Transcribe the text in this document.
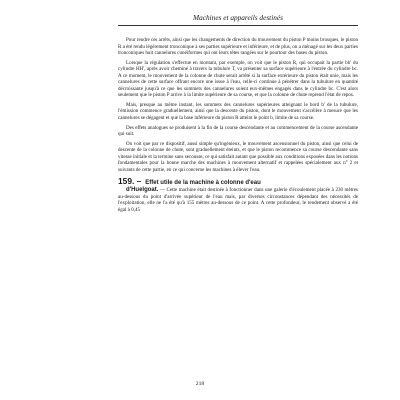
Machines et appareils destinés

Pour rendre ces arrêts, ainsi que les changements de direction du mouvement du piston P moins brusques, le piston R a été rendu légèrement tronconique à ses parties supérieure et inférieure, et de plus, on a ménagé sur les deux parties tronconiques huit cannelures cunéiformes qui ont leurs têtes rangées sur le pourtour des bases du piston.

Lorsque la régulation s'effectue en montant, par exemple, on voit que le piston R, qui occupait la partie bb' du cylindre HH', après avoir cheminé à travers la tubulure T, va présenter sa surface supérieure à l'entrée du cylindre bc. A ce moment, le mouvement de la colonne de chute serait arrêté si la surface extérieure du piston était unie, mais les cannelures de cette surface offrant encore une issue à l'eau, celle-ci continue à pénétrer dans la tubulure en quantité décroissante jusqu'à ce que les sommets des cannelures soient eux-mêmes engagés dans le cylindre bc. C'est alors seulement que le piston P arrive à la limite supérieure de sa course, et que la colonne de chute reprend l'état de repos.

Mais, presque au même instant, les sommets des cannelures supérieures atteignant le bord b' de la tubulure, l'émission commence graduellement, ainsi que la descente du piston, dont le mouvement s'accélère à mesure que les cannelures se dégagent et que la base inférieure du piston R atteint le point b, limite de sa course.

Des effets analogues se produisent à la fin de la course descendante et au commencement de la course ascendante qui suit.

On voit que par ce dispositif, aussi simple qu'ingénieux, le mouvement ascensionnel du piston, ainsi que celui de descente de la colonne de chute, sont graduellement éteints, et que le piston recommence sa course descendante sans vitesse initiale et la termine sans secousse, ce qui satisfait autant que possible aux conditions exposées dans les notions fondamentales pour la bonne marche des machines à mouvement alternatif et rappelées spécialement aux n° 2 et suivants de cette partie, en ce qui concerne les machines à élever l'eau.

159. – Effet utile de la machine à colonne d'eau

d'Huelgoat. — Cette machine était destinée à fonctionner dans une galerie d'écoulement placée à 230 mètres au-dessous du point d'arrivée supérieur de l'eau mais, par diverses circonstances dépendant des nécessités de l'exploitation, elle ne l'a été qu'à 155 mètres au-dessous de ce point. A cette profondeur, le rendement observé a été égal à 0,45

218
